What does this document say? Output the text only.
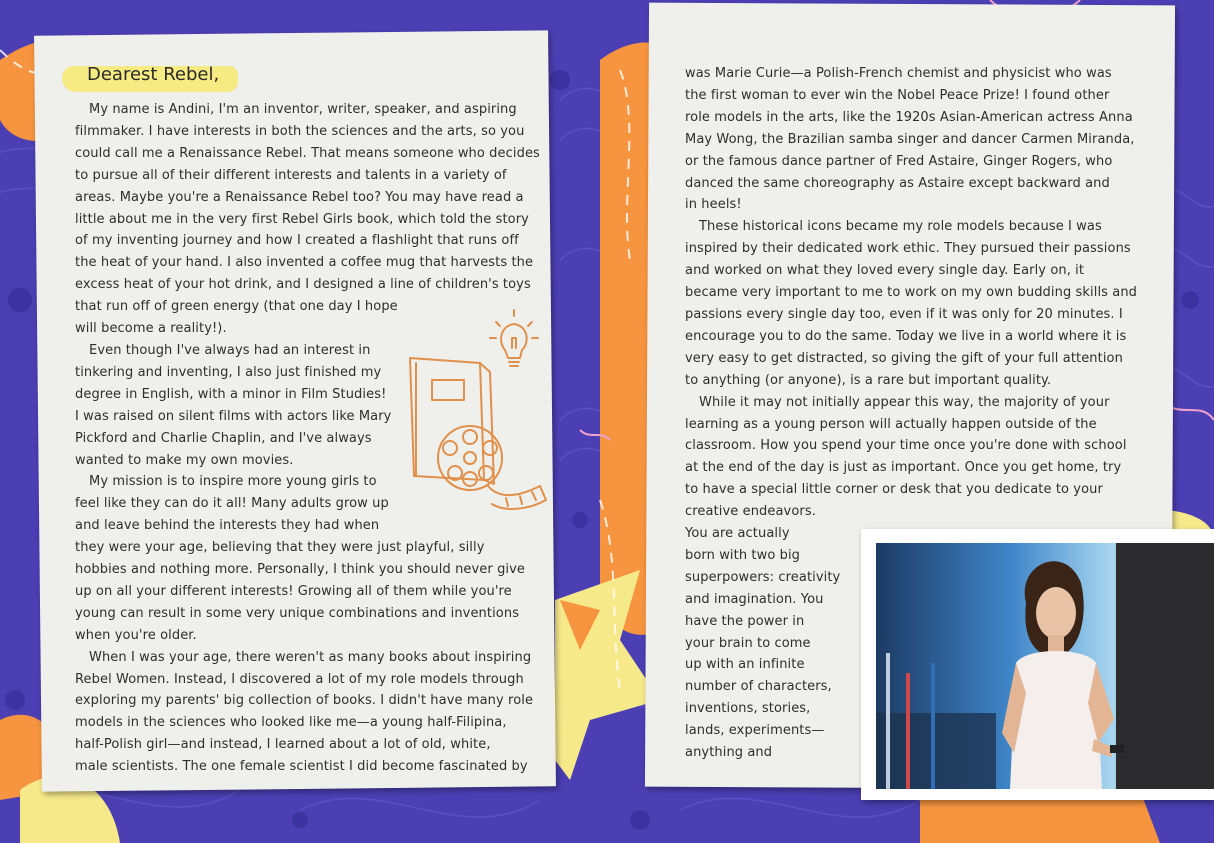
Dearest Rebel,

My name is Andini, I'm an inventor, writer, speaker, and aspiring

filmmaker. I have interests in both the sciences and the arts, so you

could call me a Renaissance Rebel. That means someone who decides

to pursue all of their different interests and talents in a variety of

areas. Maybe you're a Renaissance Rebel too? You may have read a

little about me in the very first Rebel Girls book, which told the story

of my inventing journey and how I created a flashlight that runs off

the heat of your hand. I also invented a coffee mug that harvests the

excess heat of your hot drink, and I designed a line of children's toys

that run off of green energy (that one day I hope

will become a reality!).

Even though I've always had an interest in

tinkering and inventing, I also just finished my

degree in English, with a minor in Film Studies!

I was raised on silent films with actors like Mary

Pickford and Charlie Chaplin, and I've always

wanted to make my own movies.

My mission is to inspire more young girls to

feel like they can do it all! Many adults grow up

and leave behind the interests they had when

they were your age, believing that they were just playful, silly

hobbies and nothing more. Personally, I think you should never give

up on all your different interests! Growing all of them while you're

young can result in some very unique combinations and inventions

when you're older.

When I was your age, there weren't as many books about inspiring

Rebel Women. Instead, I discovered a lot of my role models through

exploring my parents' big collection of books. I didn't have many role

models in the sciences who looked like me—a young half-Filipina,

half-Polish girl—and instead, I learned about a lot of old, white,

male scientists. The one female scientist I did become fascinated by

was Marie Curie—a Polish-French chemist and physicist who was

the first woman to ever win the Nobel Peace Prize! I found other

role models in the arts, like the 1920s Asian-American actress Anna

May Wong, the Brazilian samba singer and dancer Carmen Miranda,

or the famous dance partner of Fred Astaire, Ginger Rogers, who

danced the same choreography as Astaire except backward and

in heels!

These historical icons became my role models because I was

inspired by their dedicated work ethic. They pursued their passions

and worked on what they loved every single day. Early on, it

became very important to me to work on my own budding skills and

passions every single day too, even if it was only for 20 minutes. I

encourage you to do the same. Today we live in a world where it is

very easy to get distracted, so giving the gift of your full attention

to anything (or anyone), is a rare but important quality.

While it may not initially appear this way, the majority of your

learning as a young person will actually happen outside of the

classroom. How you spend your time once you're done with school

at the end of the day is just as important. Once you get home, try

to have a special little corner or desk that you dedicate to your

creative endeavors.

You are actually

born with two big

superpowers: creativity

and imagination. You

have the power in

your brain to come

up with an infinite

number of characters,

inventions, stories,

lands, experiments—

anything and
